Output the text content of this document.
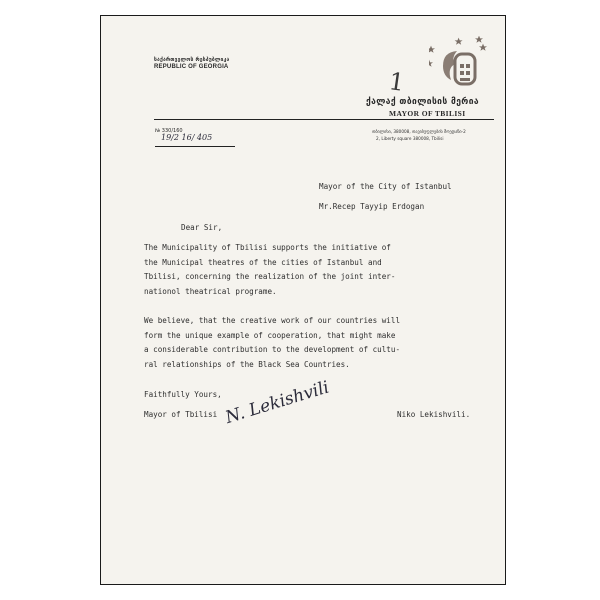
საქართველოს რესპუბლიკა
REPUBLIC OF GEORGIA
1
ქალაქ თბილისის მერია
MAYOR OF TBILISI
თბილისი, 380008, თავისუფლების მოედანი-2
2, Liberty square 380008, Tbilisi
№ 330/160
19/2 16/ 405
Mayor of the City of Istanbul
Mr.Recep Tayyip Erdogan
Dear Sir,
The Municipality of Tbilisi supports the initiative of
the Municipal theatres of the cities of Istanbul and
Tbilisi, concerning the realization of the joint inter-
nationol theatrical programe.
We believe, that the creative work of our countries will
form the unique example of cooperation, that might make
a considerable contribution to the development of cultu-
ral relationships of the Black Sea Countries.
Faithfully Yours,
Mayor of Tbilisi	Niko Lekishvili.
N. Lekishvili
